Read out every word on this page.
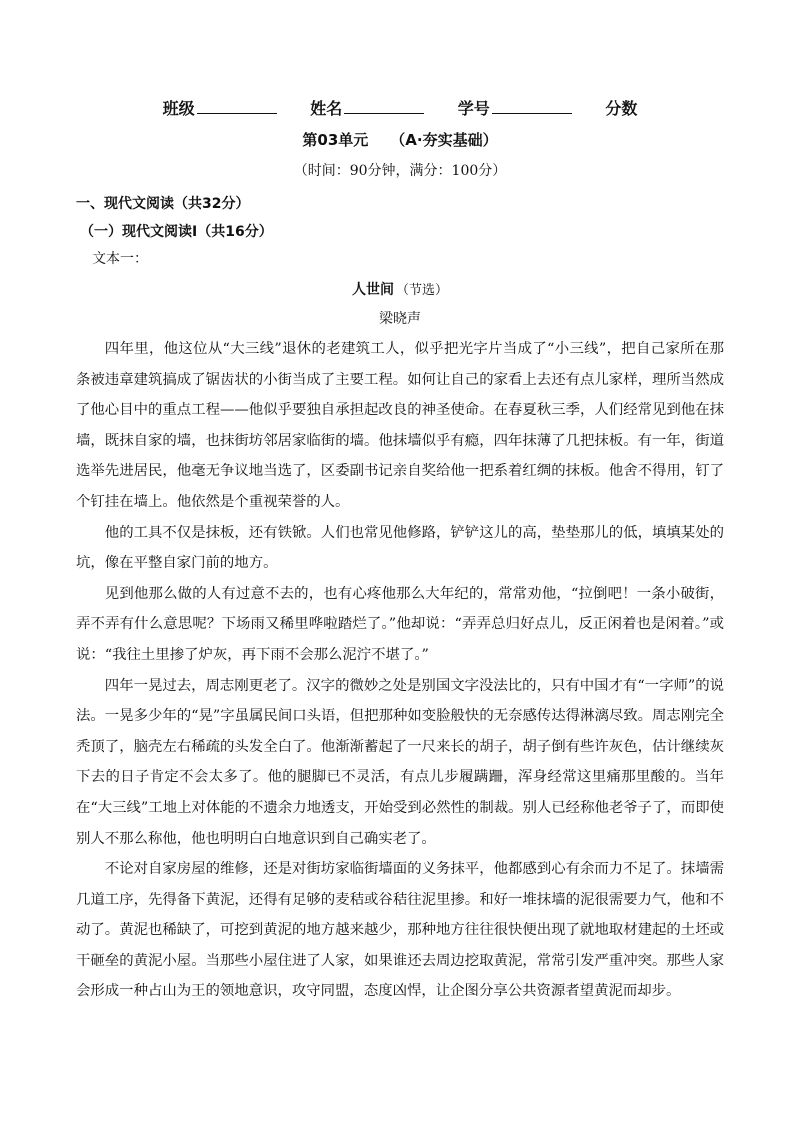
班级	姓名	学号	分数
第03单元 （A·夯实基础）
（时间：90分钟，满分：100分）
一、现代文阅读（共32分）
（一）现代文阅读Ⅰ（共16分）
文本一：
人世间 （节选）
梁晓声

四年里，他这位从“大三线”退休的老建筑工人，似乎把光字片当成了“小三线”，把自己家所在那条被违章建筑搞成了锯齿状的小街当成了主要工程。如何让自己的家看上去还有点儿家样，理所当然成了他心目中的重点工程——他似乎要独自承担起改良的神圣使命。在春夏秋三季，人们经常见到他在抹墙，既抹自家的墙，也抹街坊邻居家临街的墙。他抹墙似乎有瘾，四年抹薄了几把抹板。有一年，街道选举先进居民，他毫无争议地当选了，区委副书记亲自奖给他一把系着红绸的抹板。他舍不得用，钉了个钉挂在墙上。他依然是个重视荣誉的人。

他的工具不仅是抹板，还有铁锨。人们也常见他修路，铲铲这儿的高，垫垫那儿的低，填填某处的坑，像在平整自家门前的地方。

见到他那么做的人有过意不去的，也有心疼他那么大年纪的，常常劝他，“拉倒吧！一条小破街，弄不弄有什么意思呢？下场雨又稀里哗啦踏烂了。”他却说：“弄弄总归好点儿，反正闲着也是闲着。”或说：“我往土里掺了炉灰，再下雨不会那么泥泞不堪了。”

四年一晃过去，周志刚更老了。汉字的微妙之处是别国文字没法比的，只有中国才有“一字师”的说法。一晃多少年的“晃”字虽属民间口头语，但把那种如变脸般快的无奈感传达得淋漓尽致。周志刚完全秃顶了，脑壳左右稀疏的头发全白了。他渐渐蓄起了一尺来长的胡子，胡子倒有些许灰色，估计继续灰下去的日子肯定不会太多了。他的腿脚已不灵活，有点儿步履蹒跚，浑身经常这里痛那里酸的。当年在“大三线”工地上对体能的不遗余力地透支，开始受到必然性的制裁。别人已经称他老爷子了，而即使别人不那么称他，他也明明白白地意识到自己确实老了。

不论对自家房屋的维修，还是对街坊家临街墙面的义务抹平，他都感到心有余而力不足了。抹墙需几道工序，先得备下黄泥，还得有足够的麦秸或谷秸往泥里掺。和好一堆抹墙的泥很需要力气，他和不动了。黄泥也稀缺了，可挖到黄泥的地方越来越少，那种地方往往很快便出现了就地取材建起的土坯或干砸垒的黄泥小屋。当那些小屋住进了人家，如果谁还去周边挖取黄泥，常常引发严重冲突。那些人家会形成一种占山为王的领地意识，攻守同盟，态度凶悍，让企图分享公共资源者望黄泥而却步。
